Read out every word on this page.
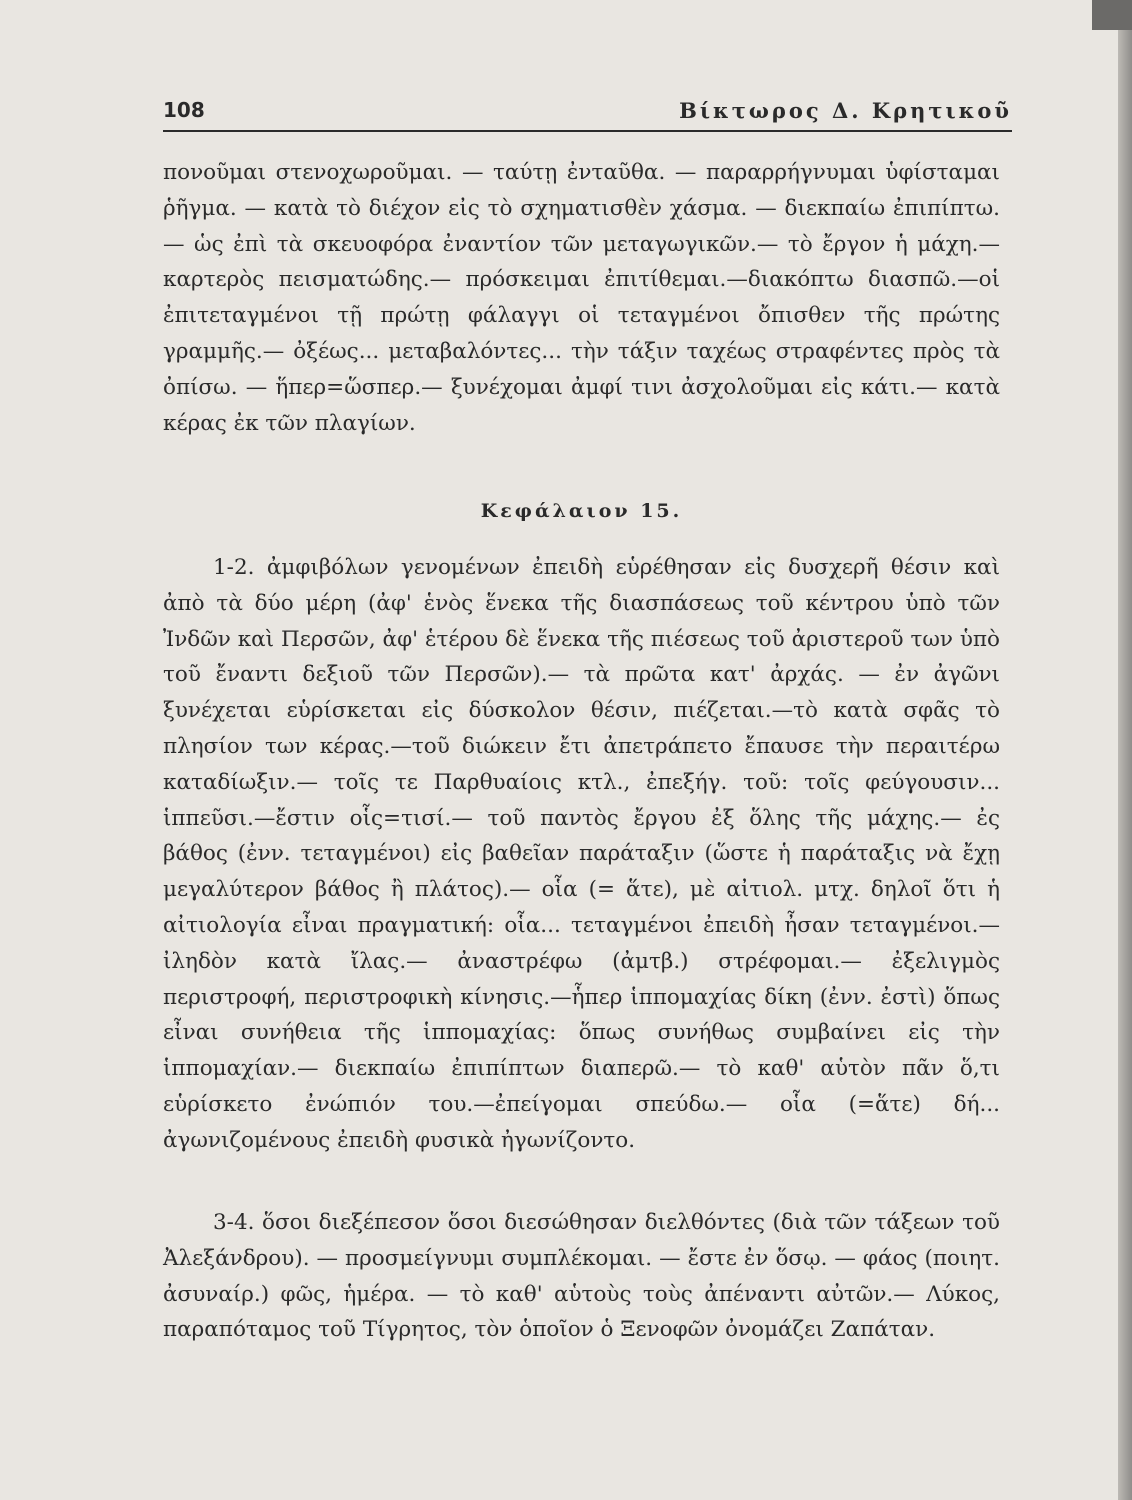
108	Βίκτωρος Δ. Κρητικοῦ

πονοῦμαι στενοχωροῦμαι. — ταύτῃ ἐνταῦθα. — παραρρήγνυμαι ὑφίσταμαι ῥῆγμα. — κατὰ τὸ διέχον εἰς τὸ σχηματισθὲν χάσμα. — διεκπαίω ἐπιπίπτω.— ὡς ἐπὶ τὰ σκευοφόρα ἐναντίον τῶν μεταγωγικῶν.— τὸ ἔργον ἡ μάχη.— καρτερὸς πεισματώδης.— πρόσκειμαι ἐπιτίθεμαι.—διακόπτω διασπῶ.—οἱ ἐπιτεταγμένοι τῇ πρώτῃ φάλαγγι οἱ τεταγμένοι ὄπισθεν τῆς πρώτης γραμμῆς.— ὀξέως... μεταβαλόντες... τὴν τάξιν ταχέως στραφέντες πρὸς τὰ ὀπίσω. — ἥπερ=ὥσπερ.— ξυνέχομαι ἀμφί τινι ἀσχολοῦμαι εἰς κάτι.— κατὰ κέρας ἐκ τῶν πλαγίων.

Κεφάλαιον 15.

1-2. ἀμφιβόλων γενομένων ἐπειδὴ εὑρέθησαν εἰς δυσχερῆ θέσιν καὶ ἀπὸ τὰ δύο μέρη (ἀφ' ἑνὸς ἕνεκα τῆς διασπάσεως τοῦ κέντρου ὑπὸ τῶν Ἰνδῶν καὶ Περσῶν, ἀφ' ἑτέρου δὲ ἕνεκα τῆς πιέσεως τοῦ ἀριστεροῦ των ὑπὸ τοῦ ἔναντι δεξιοῦ τῶν Περσῶν).— τὰ πρῶτα κατ' ἀρχάς. — ἐν ἀγῶνι ξυνέχεται εὑρίσκεται εἰς δύσκολον θέσιν, πιέζεται.—τὸ κατὰ σφᾶς τὸ πλησίον των κέρας.—τοῦ διώκειν ἔτι ἀπετράπετο ἔπαυσε τὴν περαιτέρω καταδίωξιν.— τοῖς τε Παρθυαίοις κτλ., ἐπεξήγ. τοῦ: τοῖς φεύγουσιν... ἱππεῦσι.—ἔστιν οἷς=τισί.— τοῦ παντὸς ἔργου ἐξ ὅλης τῆς μάχης.— ἐς βάθος (ἐνν. τεταγμένοι) εἰς βαθεῖαν παράταξιν (ὥστε ἡ παράταξις νὰ ἔχῃ μεγαλύτερον βάθος ἢ πλάτος).— οἷα (= ἅτε), μὲ αἰτιολ. μτχ. δηλοῖ ὅτι ἡ αἰτιολογία εἶναι πραγματική: οἷα... τεταγμένοι ἐπειδὴ ἦσαν τεταγμένοι.—ἰληδὸν κατὰ ἴλας.— ἀναστρέφω (ἀμτβ.) στρέφομαι.— ἐξελιγμὸς περιστροφή, περιστροφικὴ κίνησις.—ἧπερ ἱππομαχίας δίκη (ἐνν. ἐστὶ) ὅπως εἶναι συνήθεια τῆς ἱππομαχίας: ὅπως συνήθως συμβαίνει εἰς τὴν ἱππομαχίαν.— διεκπαίω ἐπιπίπτων διαπερῶ.— τὸ καθ' αὑτὸν πᾶν ὅ,τι εὑρίσκετο ἐνώπιόν του.—ἐπείγομαι σπεύδω.— οἷα (=ἅτε) δή... ἀγωνιζομένους ἐπειδὴ φυσικὰ ἠγωνίζοντο.

3-4. ὅσοι διεξέπεσον ὅσοι διεσώθησαν διελθόντες (διὰ τῶν τάξεων τοῦ Ἀλεξάνδρου). — προσμείγνυμι συμπλέκομαι. — ἔστε ἐν ὅσῳ. — φάος (ποιητ. ἀσυναίρ.) φῶς, ἡμέρα. — τὸ καθ' αὑτοὺς τοὺς ἀπέναντι αὐτῶν.— Λύκος, παραπόταμος τοῦ Τίγρητος, τὸν ὁποῖον ὁ Ξενοφῶν ὀνομάζει Ζαπάταν.
